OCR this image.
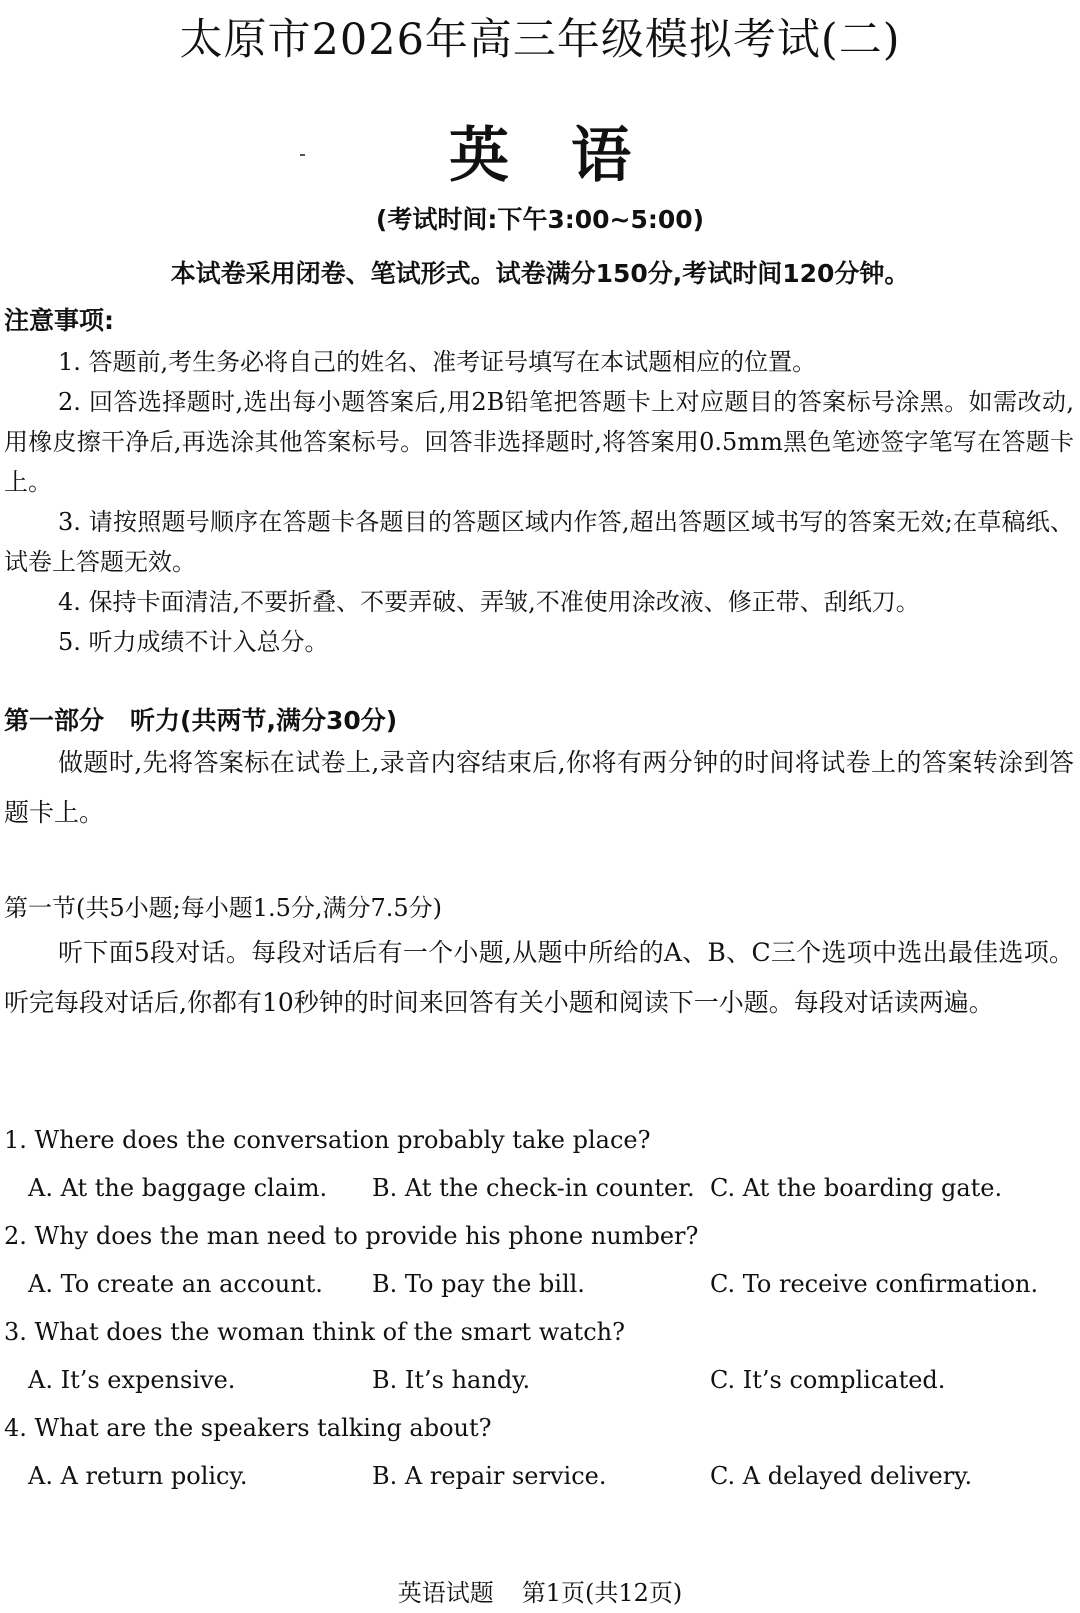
太原市2026年高三年级模拟考试(二)
英语
(考试时间:下午3:00~5:00)
本试卷采用闭卷、笔试形式。试卷满分150分,考试时间120分钟。
注意事项:

1. 答题前,考生务必将自己的姓名、准考证号填写在本试题相应的位置。

2. 回答选择题时,选出每小题答案后,用2B铅笔把答题卡上对应题目的答案标号涂黑。如需改动,用橡皮擦干净后,再选涂其他答案标号。回答非选择题时,将答案用0.5mm黑色笔迹签字笔写在答题卡上。

3. 请按照题号顺序在答题卡各题目的答题区域内作答,超出答题区域书写的答案无效;在草稿纸、试卷上答题无效。

4. 保持卡面清洁,不要折叠、不要弄破、弄皱,不准使用涂改液、修正带、刮纸刀。

5. 听力成绩不计入总分。

第一部分 听力(共两节,满分30分)

做题时,先将答案标在试卷上,录音内容结束后,你将有两分钟的时间将试卷上的答案转涂到答题卡上。

第一节(共5小题;每小题1.5分,满分7.5分)

听下面5段对话。每段对话后有一个小题,从题中所给的A、B、C三个选项中选出最佳选项。听完每段对话后,你都有10秒钟的时间来回答有关小题和阅读下一小题。每段对话读两遍。

1. Where does the conversation probably take place?
A. At the baggage claim. B. At the check-in counter. C. At the boarding gate.
2. Why does the man need to provide his phone number?
A. To create an account. B. To pay the bill.	C. To receive confirmation.
3. What does the woman think of the smart watch?
A. It’s expensive.	B. It’s handy.	C. It’s complicated.
4. What are the speakers talking about?
A. A return policy.	B. A repair service.	C. A delayed delivery.
英语试题 第1页(共12页)
